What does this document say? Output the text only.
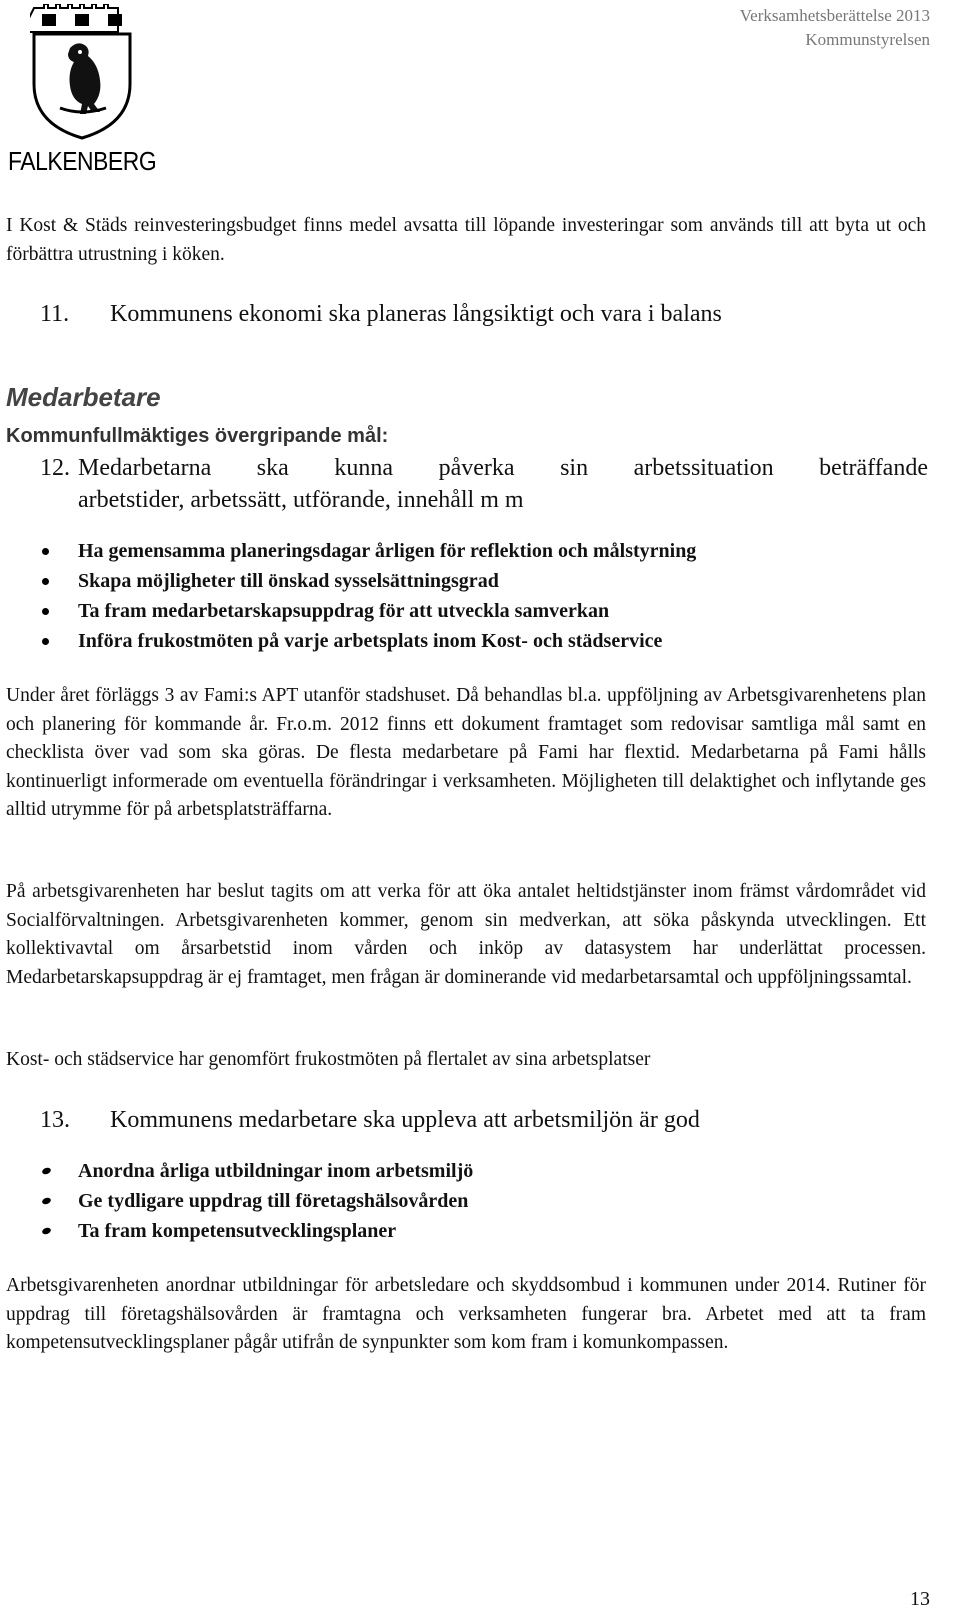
FALKENBERG
Verksamhetsberättelse 2013
Kommunstyrelsen
I Kost & Städs reinvesteringsbudget finns medel avsatta till löpande investeringar som används till att byta ut och förbättra utrustning i köken.
11. Kommunens ekonomi ska planeras långsiktigt och vara i balans
Medarbetare
Kommunfullmäktiges övergripande mål:
12. Medarbetarna ska kunna påverka sin arbetssituation beträffande
arbetstider, arbetssätt, utförande, innehåll m m
Ha gemensamma planeringsdagar årligen för reflektion och målstyrning
Skapa möjligheter till önskad sysselsättningsgrad
Ta fram medarbetarskapsuppdrag för att utveckla samverkan
Införa frukostmöten på varje arbetsplats inom Kost- och städservice
Under året förläggs 3 av Fami:s APT utanför stadshuset. Då behandlas bl.a. uppföljning av Arbetsgivarenhetens plan och planering för kommande år. Fr.o.m. 2012 finns ett dokument framtaget som redovisar samtliga mål samt en checklista över vad som ska göras. De flesta medarbetare på Fami har flextid. Medarbetarna på Fami hålls kontinuerligt informerade om eventuella förändringar i verksamheten. Möjligheten till delaktighet och inflytande ges alltid utrymme för på arbetsplatsträffarna.
På arbetsgivarenheten har beslut tagits om att verka för att öka antalet heltidstjänster inom främst vårdområdet vid Socialförvaltningen. Arbetsgivarenheten kommer, genom sin medverkan, att söka påskynda utvecklingen. Ett kollektivavtal om årsarbetstid inom vården och inköp av datasystem har underlättat processen. Medarbetarskapsuppdrag är ej framtaget, men frågan är dominerande vid medarbetarsamtal och uppföljningssamtal.
Kost- och städservice har genomfört frukostmöten på flertalet av sina arbetsplatser
13. Kommunens medarbetare ska uppleva att arbetsmiljön är god
Anordna årliga utbildningar inom arbetsmiljö
Ge tydligare uppdrag till företagshälsovården
Ta fram kompetensutvecklingsplaner
Arbetsgivarenheten anordnar utbildningar för arbetsledare och skyddsombud i kommunen under 2014. Rutiner för uppdrag till företagshälsovården är framtagna och verksamheten fungerar bra. Arbetet med att ta fram kompetensutvecklingsplaner pågår utifrån de synpunkter som kom fram i komunkompassen.
13
